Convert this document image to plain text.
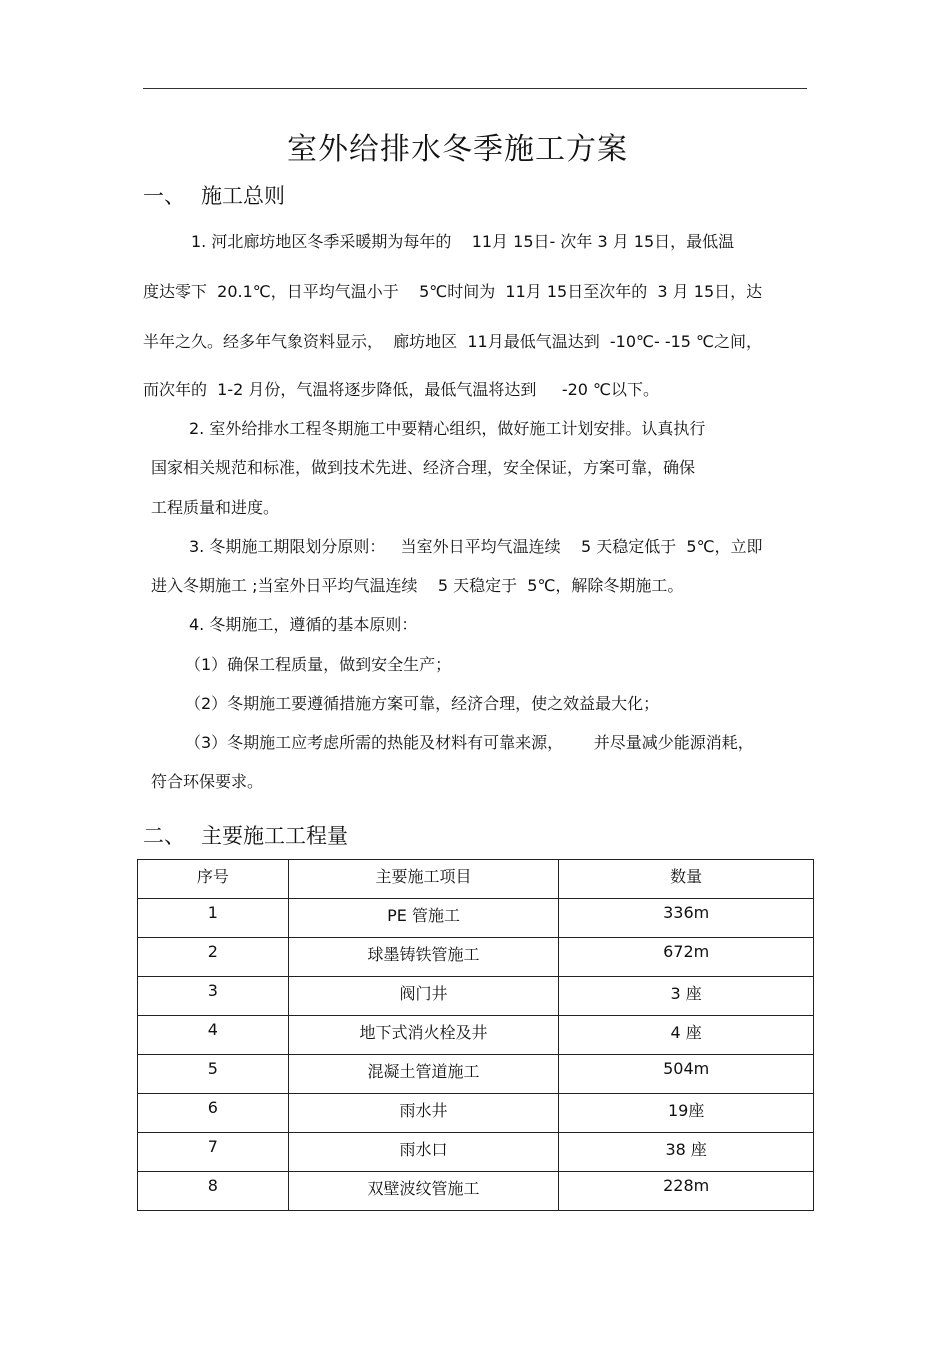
室外给排水冬季施工方案
一、 施工总则

1. 河北廊坊地区冬季采暖期为每年的    11月 15日- 次年 3 月 15日，最低温

度达零下  20.1℃，日平均气温小于    5℃时间为  11月 15日至次年的  3 月 15日，达

半年之久。经多年气象资料显示，  廊坊地区  11月最低气温达到  -10℃- -15 ℃之间，

而次年的  1-2 月份，气温将逐步降低，最低气温将达到     -20 ℃以下。

2. 室外给排水工程冬期施工中要精心组织，做好施工计划安排。认真执行

国家相关规范和标准，做到技术先进、经济合理，安全保证，方案可靠，确保

工程质量和进度。

3. 冬期施工期限划分原则：   当室外日平均气温连续    5 天稳定低于  5℃，立即

进入冬期施工 ;当室外日平均气温连续    5 天稳定于  5℃，解除冬期施工。

4. 冬期施工，遵循的基本原则：

（1）确保工程质量，做到安全生产；

（2）冬期施工要遵循措施方案可靠，经济合理，使之效益最大化；

（3）冬期施工应考虑所需的热能及材料有可靠来源，      并尽量减少能源消耗，

符合环保要求。

二、 主要施工工程量
序号	主要施工项目	数量
1	PE 管施工	336m
2	球墨铸铁管施工	672m
3	阀门井	3 座
4	地下式消火栓及井	4 座
5	混凝土管道施工	504m
6	雨水井	19座
7	雨水口	38 座
8	双壁波纹管施工	228m
